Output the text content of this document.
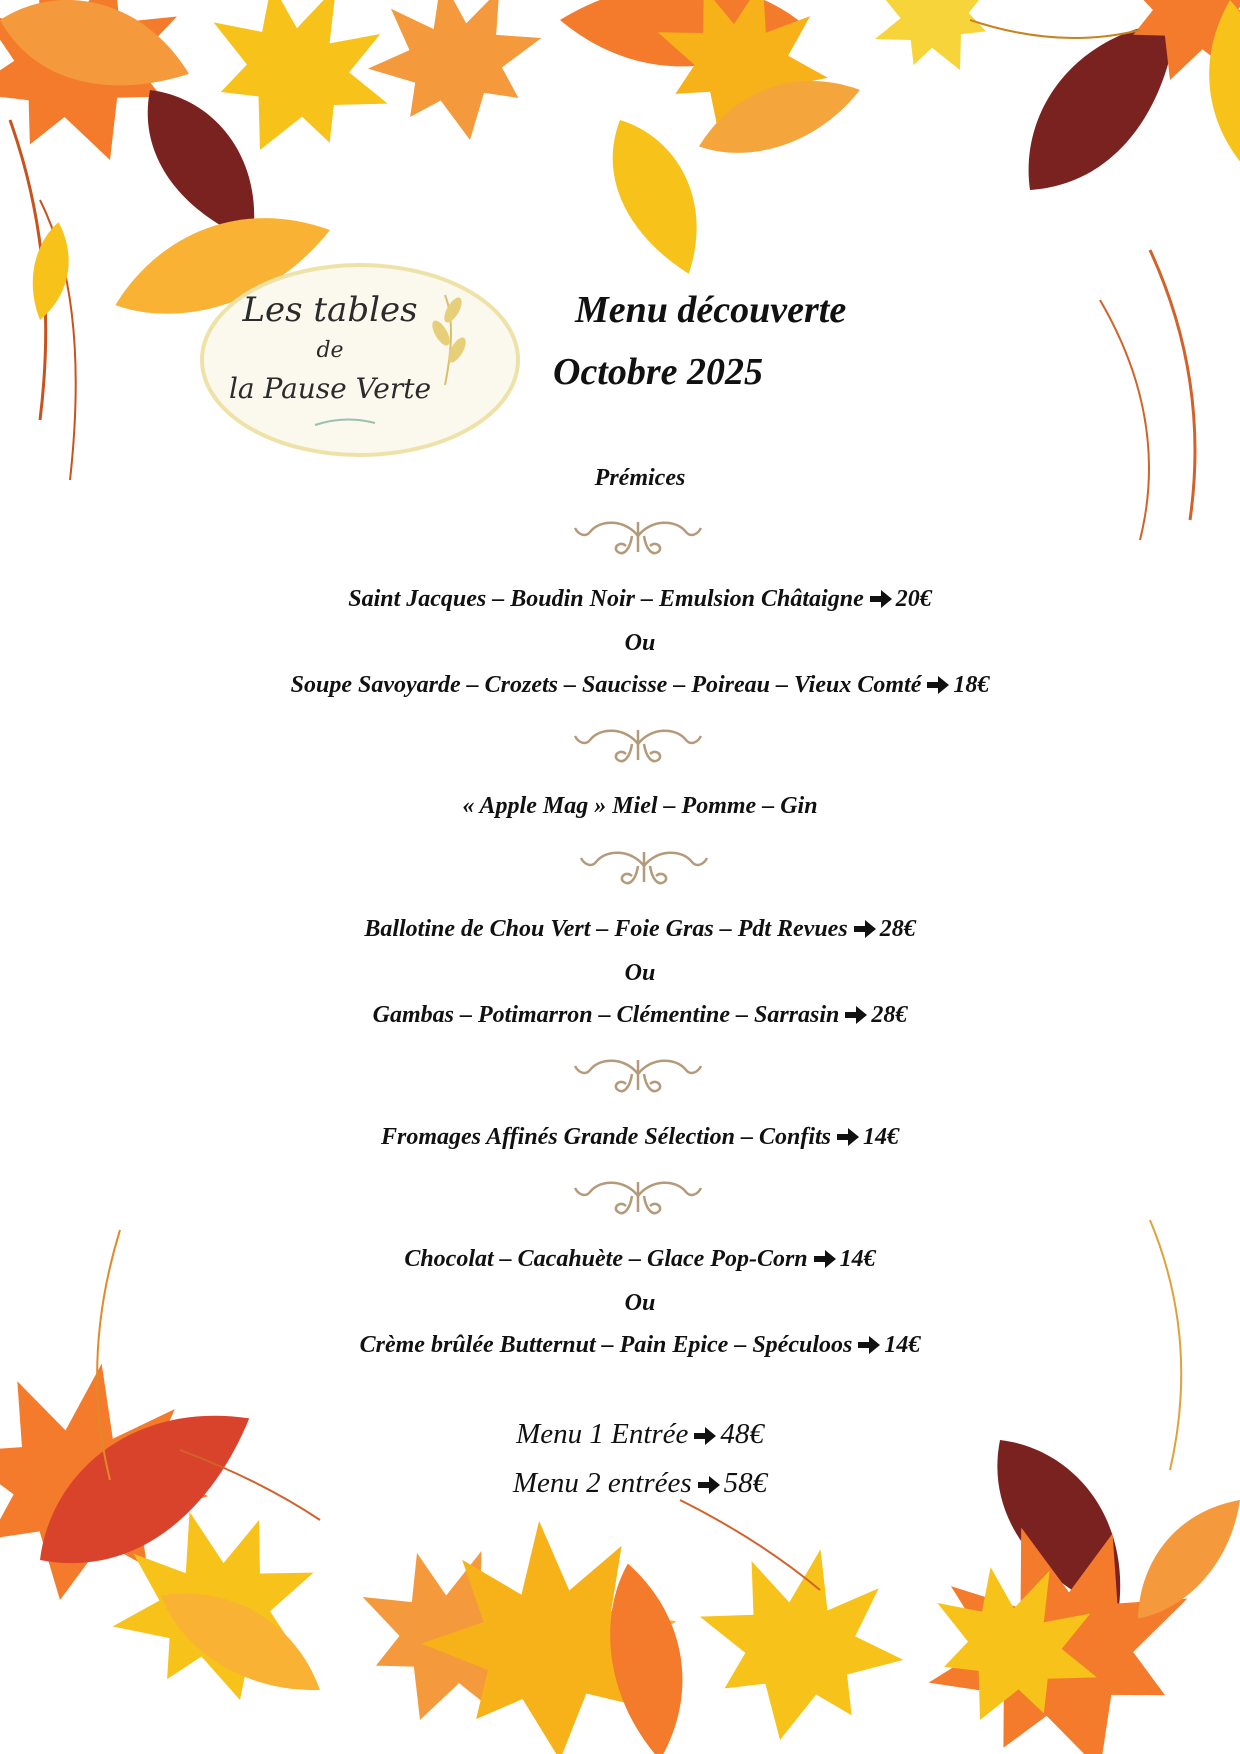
Les tables
de
la Pause Verte
Menu découverte
Octobre 2025
Prémices
Saint Jacques – Boudin Noir – Emulsion Châtaigne 20€
Ou
Soupe Savoyarde – Crozets – Saucisse – Poireau – Vieux Comté 18€
« Apple Mag » Miel – Pomme – Gin
Ballotine de Chou Vert – Foie Gras – Pdt Revues 28€
Ou
Gambas – Potimarron – Clémentine – Sarrasin 28€
Fromages Affinés Grande Sélection – Confits 14€
Chocolat – Cacahuète – Glace Pop-Corn 14€
Ou
Crème brûlée Butternut – Pain Epice – Spéculoos 14€
Menu 1 Entrée 48€
Menu 2 entrées 58€
